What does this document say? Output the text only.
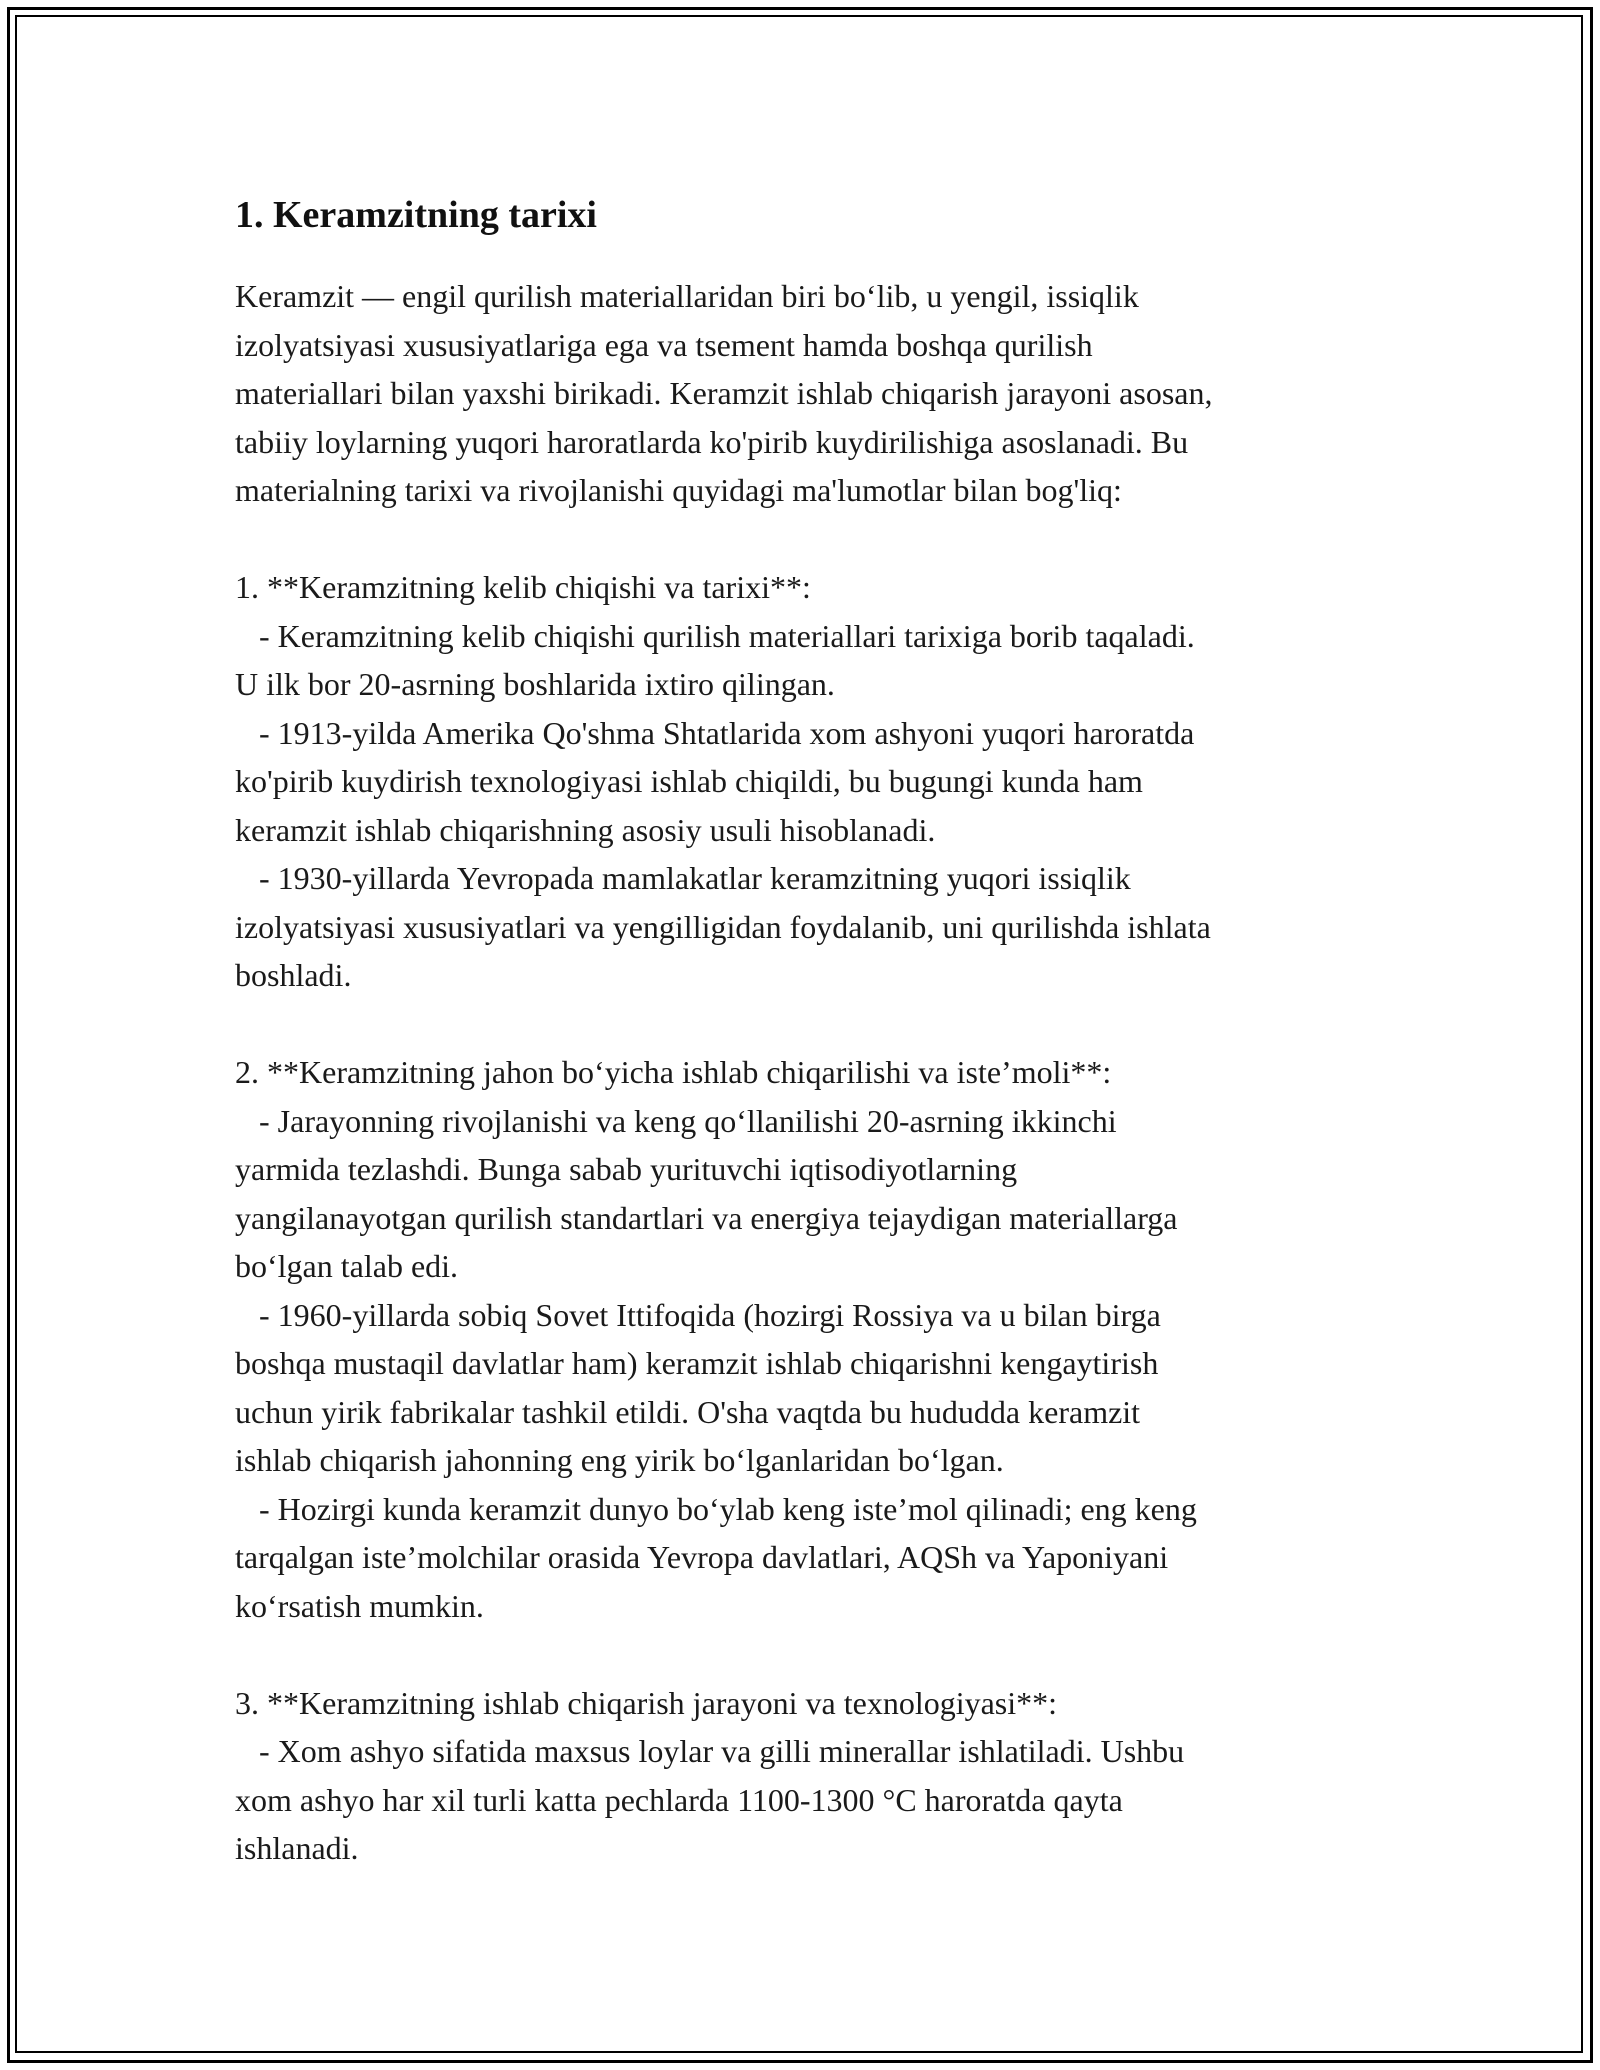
1. Keramzitning tarixi

Keramzit — engil qurilish materiallaridan biri bo‘lib, u yengil, issiqlik

izolyatsiyasi xususiyatlariga ega va tsement hamda boshqa qurilish

materiallari bilan yaxshi birikadi. Keramzit ishlab chiqarish jarayoni asosan,

tabiiy loylarning yuqori haroratlarda ko'pirib kuydirilishiga asoslanadi. Bu

materialning tarixi va rivojlanishi quyidagi ma'lumotlar bilan bog'liq:

1. **Keramzitning kelib chiqishi va tarixi**:

- Keramzitning kelib chiqishi qurilish materiallari tarixiga borib taqaladi.

U ilk bor 20-asrning boshlarida ixtiro qilingan.

- 1913-yilda Amerika Qo'shma Shtatlarida xom ashyoni yuqori haroratda

ko'pirib kuydirish texnologiyasi ishlab chiqildi, bu bugungi kunda ham

keramzit ishlab chiqarishning asosiy usuli hisoblanadi.

- 1930-yillarda Yevropada mamlakatlar keramzitning yuqori issiqlik

izolyatsiyasi xususiyatlari va yengilligidan foydalanib, uni qurilishda ishlata

boshladi.

2. **Keramzitning jahon bo‘yicha ishlab chiqarilishi va iste’moli**:

- Jarayonning rivojlanishi va keng qo‘llanilishi 20-asrning ikkinchi

yarmida tezlashdi. Bunga sabab yurituvchi iqtisodiyotlarning

yangilanayotgan qurilish standartlari va energiya tejaydigan materiallarga

bo‘lgan talab edi.

- 1960-yillarda sobiq Sovet Ittifoqida (hozirgi Rossiya va u bilan birga

boshqa mustaqil davlatlar ham) keramzit ishlab chiqarishni kengaytirish

uchun yirik fabrikalar tashkil etildi. O'sha vaqtda bu hududda keramzit

ishlab chiqarish jahonning eng yirik bo‘lganlaridan bo‘lgan.

- Hozirgi kunda keramzit dunyo bo‘ylab keng iste’mol qilinadi; eng keng

tarqalgan iste’molchilar orasida Yevropa davlatlari, AQSh va Yaponiyani

ko‘rsatish mumkin.

3. **Keramzitning ishlab chiqarish jarayoni va texnologiyasi**:

- Xom ashyo sifatida maxsus loylar va gilli minerallar ishlatiladi. Ushbu

xom ashyo har xil turli katta pechlarda 1100-1300 °C haroratda qayta

ishlanadi.
